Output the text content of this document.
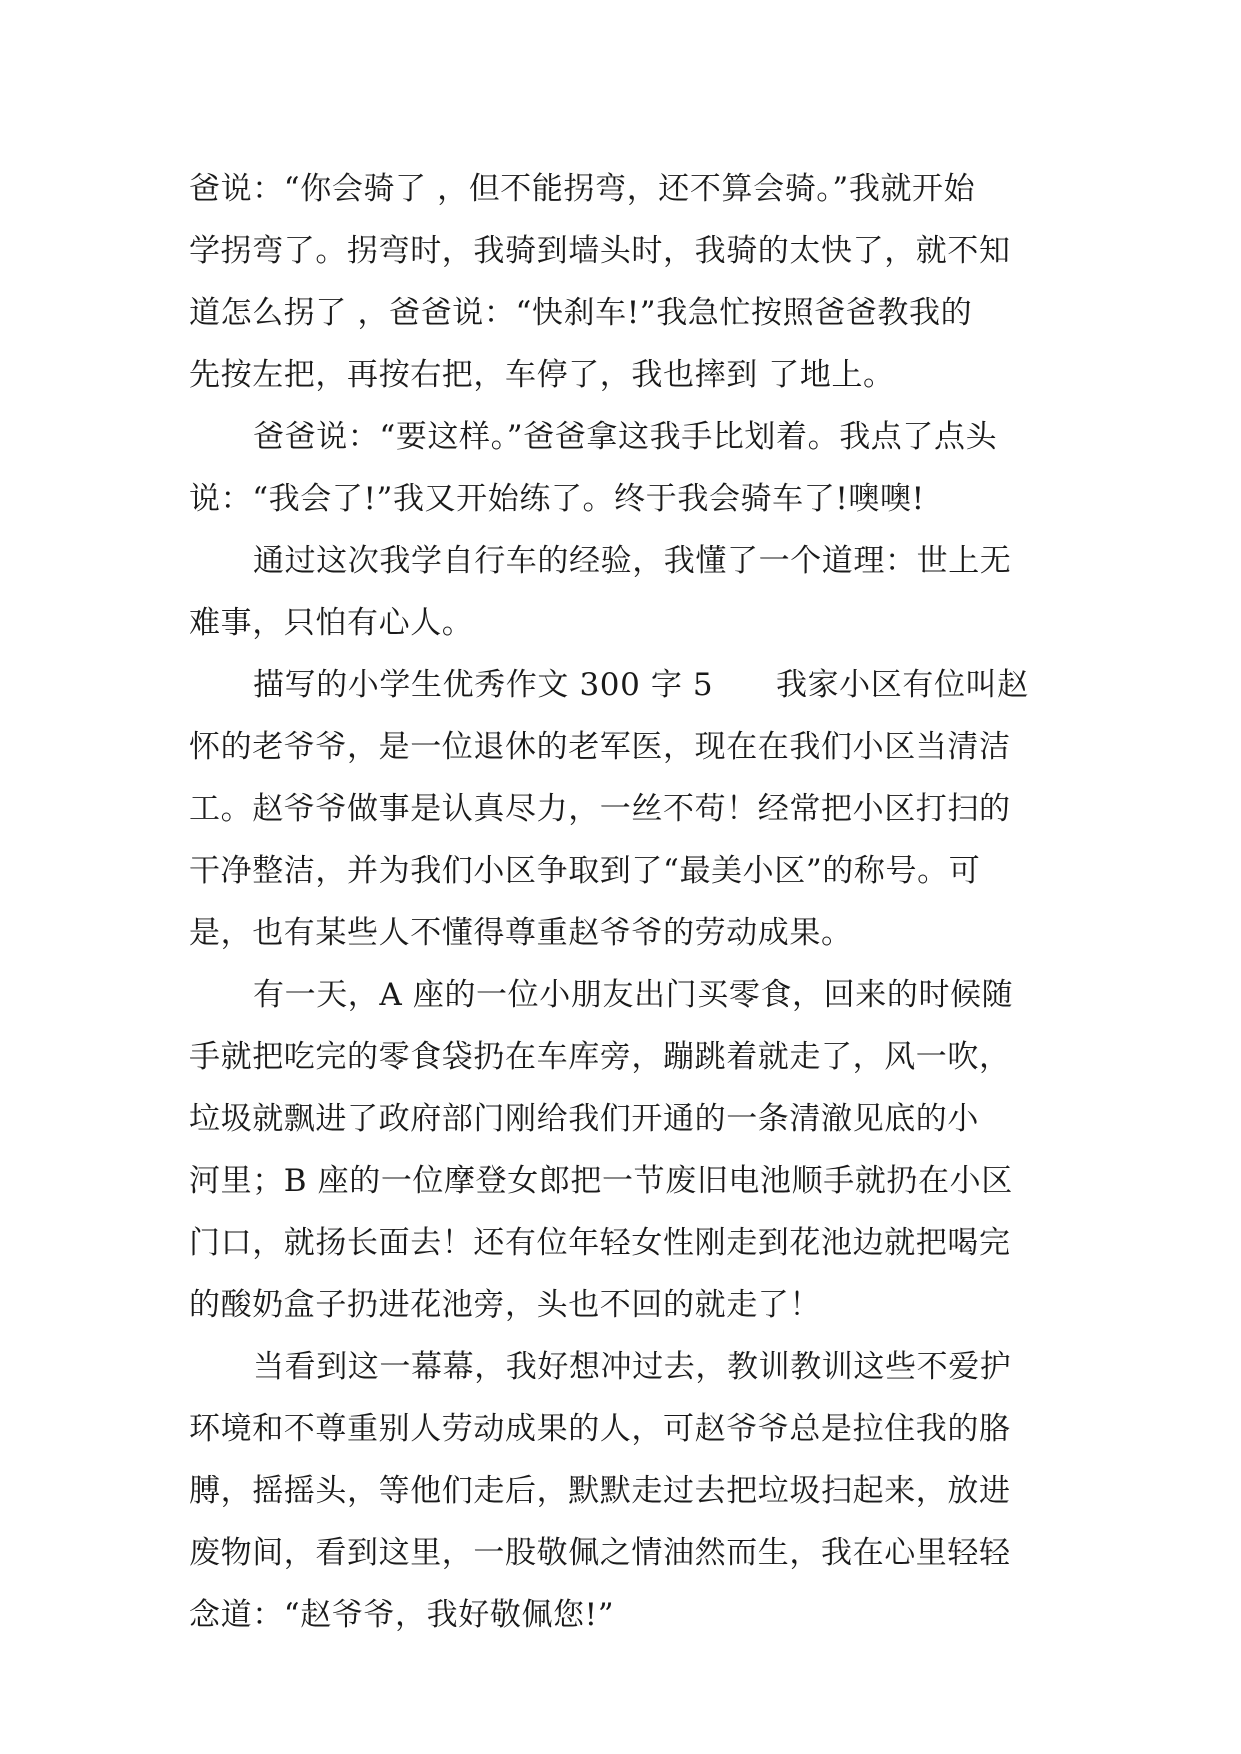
爸说：“你会骑了 ，但不能拐弯，还不算会骑。”我就开始
学拐弯了。拐弯时，我骑到墙头时，我骑的太快了，就不知
道怎么拐了 ，爸爸说：“快刹车!”我急忙按照爸爸教我的
先按左把，再按右把，车停了，我也摔到 了地上。
爸爸说：“要这样。”爸爸拿这我手比划着。我点了点头
说：“我会了!”我又开始练了。终于我会骑车了!噢噢!
通过这次我学自行车的经验，我懂了一个道理：世上无
难事，只怕有心人。
描写的小学生优秀作文 300 字 5      我家小区有位叫赵
怀的老爷爷，是一位退休的老军医，现在在我们小区当清洁
工。赵爷爷做事是认真尽力，一丝不苟！经常把小区打扫的
干净整洁，并为我们小区争取到了“最美小区”的称号。可
是，也有某些人不懂得尊重赵爷爷的劳动成果。
有一天，A 座的一位小朋友出门买零食，回来的时候随
手就把吃完的零食袋扔在车库旁，蹦跳着就走了，风一吹，
垃圾就飘进了政府部门刚给我们开通的一条清澈见底的小
河里；B 座的一位摩登女郎把一节废旧电池顺手就扔在小区
门口，就扬长面去！还有位年轻女性刚走到花池边就把喝完
的酸奶盒子扔进花池旁，头也不回的就走了！
当看到这一幕幕，我好想冲过去，教训教训这些不爱护
环境和不尊重别人劳动成果的人，可赵爷爷总是拉住我的胳
膊，摇摇头，等他们走后，默默走过去把垃圾扫起来，放进
废物间，看到这里，一股敬佩之情油然而生，我在心里轻轻
念道：“赵爷爷，我好敬佩您!”
